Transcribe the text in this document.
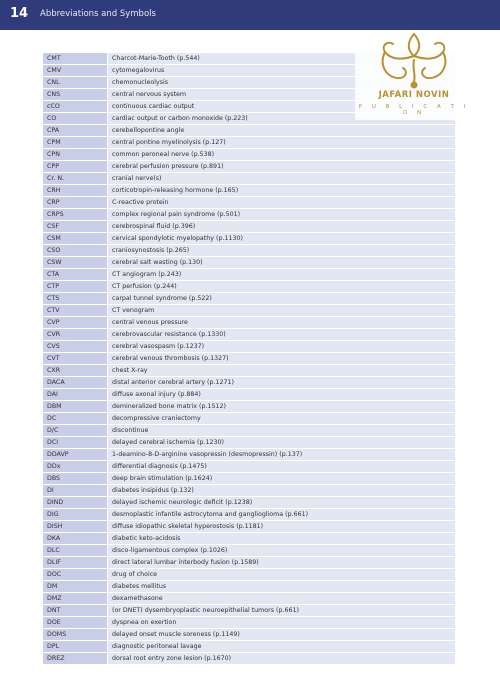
14 Abbreviations and Symbols
CMT	Charcot-Marie-Tooth (p.544)
CMV	cytomegalovirus
CNL	chemonucleolysis
CNS	central nervous system
cCO	continuous cardiac output
CO	cardiac output or carbon monoxide (p.223)
CPA	cerebellopontine angle
CPM	central pontine myelinolysis (p.127)
CPN	common peroneal nerve (p.538)
CPP	cerebral perfusion pressure (p.891)
Cr. N.	cranial nerve(s)
CRH	corticotropin-releasing hormone (p.165)
CRP	C-reactive protein
CRPS	complex regional pain syndrome (p.501)
CSF	cerebrospinal fluid (p.396)
CSM	cervical spondylotic myelopathy (p.1130)
CSO	craniosynostosis (p.265)
CSW	cerebral salt wasting (p.130)
CTA	CT angiogram (p.243)
CTP	CT perfusion (p.244)
CTS	carpal tunnel syndrome (p.522)
CTV	CT venogram
CVP	central venous pressure
CVR	cerebrovascular resistance (p.1330)
CVS	cerebral vasospasm (p.1237)
CVT	cerebral venous thrombosis (p.1327)
CXR	chest X-ray
DACA	distal anterior cerebral artery (p.1271)
DAI	diffuse axonal injury (p.884)
DBM	demineralized bone matrix (p.1512)
DC	decompressive craniectomy
D/C	discontinue
DCI	delayed cerebral ischemia (p.1230)
DDAVP	1-deamino-8-D-arginine vasopressin (desmopressin) (p.137)
DDx	differential diagnosis (p.1475)
DBS	deep brain stimulation (p.1624)
DI	diabetes insipidus (p.132)
DIND	delayed ischemic neurologic deficit (p.1238)
DIG	desmoplastic infantile astrocytoma and ganglioglioma (p.661)
DISH	diffuse idiopathic skeletal hyperostosis (p.1181)
DKA	diabetic keto-acidosis
DLC	disco-ligamentous complex (p.1026)
DLIF	direct lateral lumbar interbody fusion (p.1589)
DOC	drug of choice
DM	diabetes mellitus
DMZ	dexamethasone
DNT	(or DNET) dysembryoplastic neuroepithelial tumors (p.661)
DOE	dyspnea on exertion
DOMS	delayed onset muscle soreness (p.1149)
DPL	diagnostic peritoneal lavage
DREZ	dorsal root entry zone lesion (p.1670)
JAFARI NOVIN
P U B L I C A T I O N
